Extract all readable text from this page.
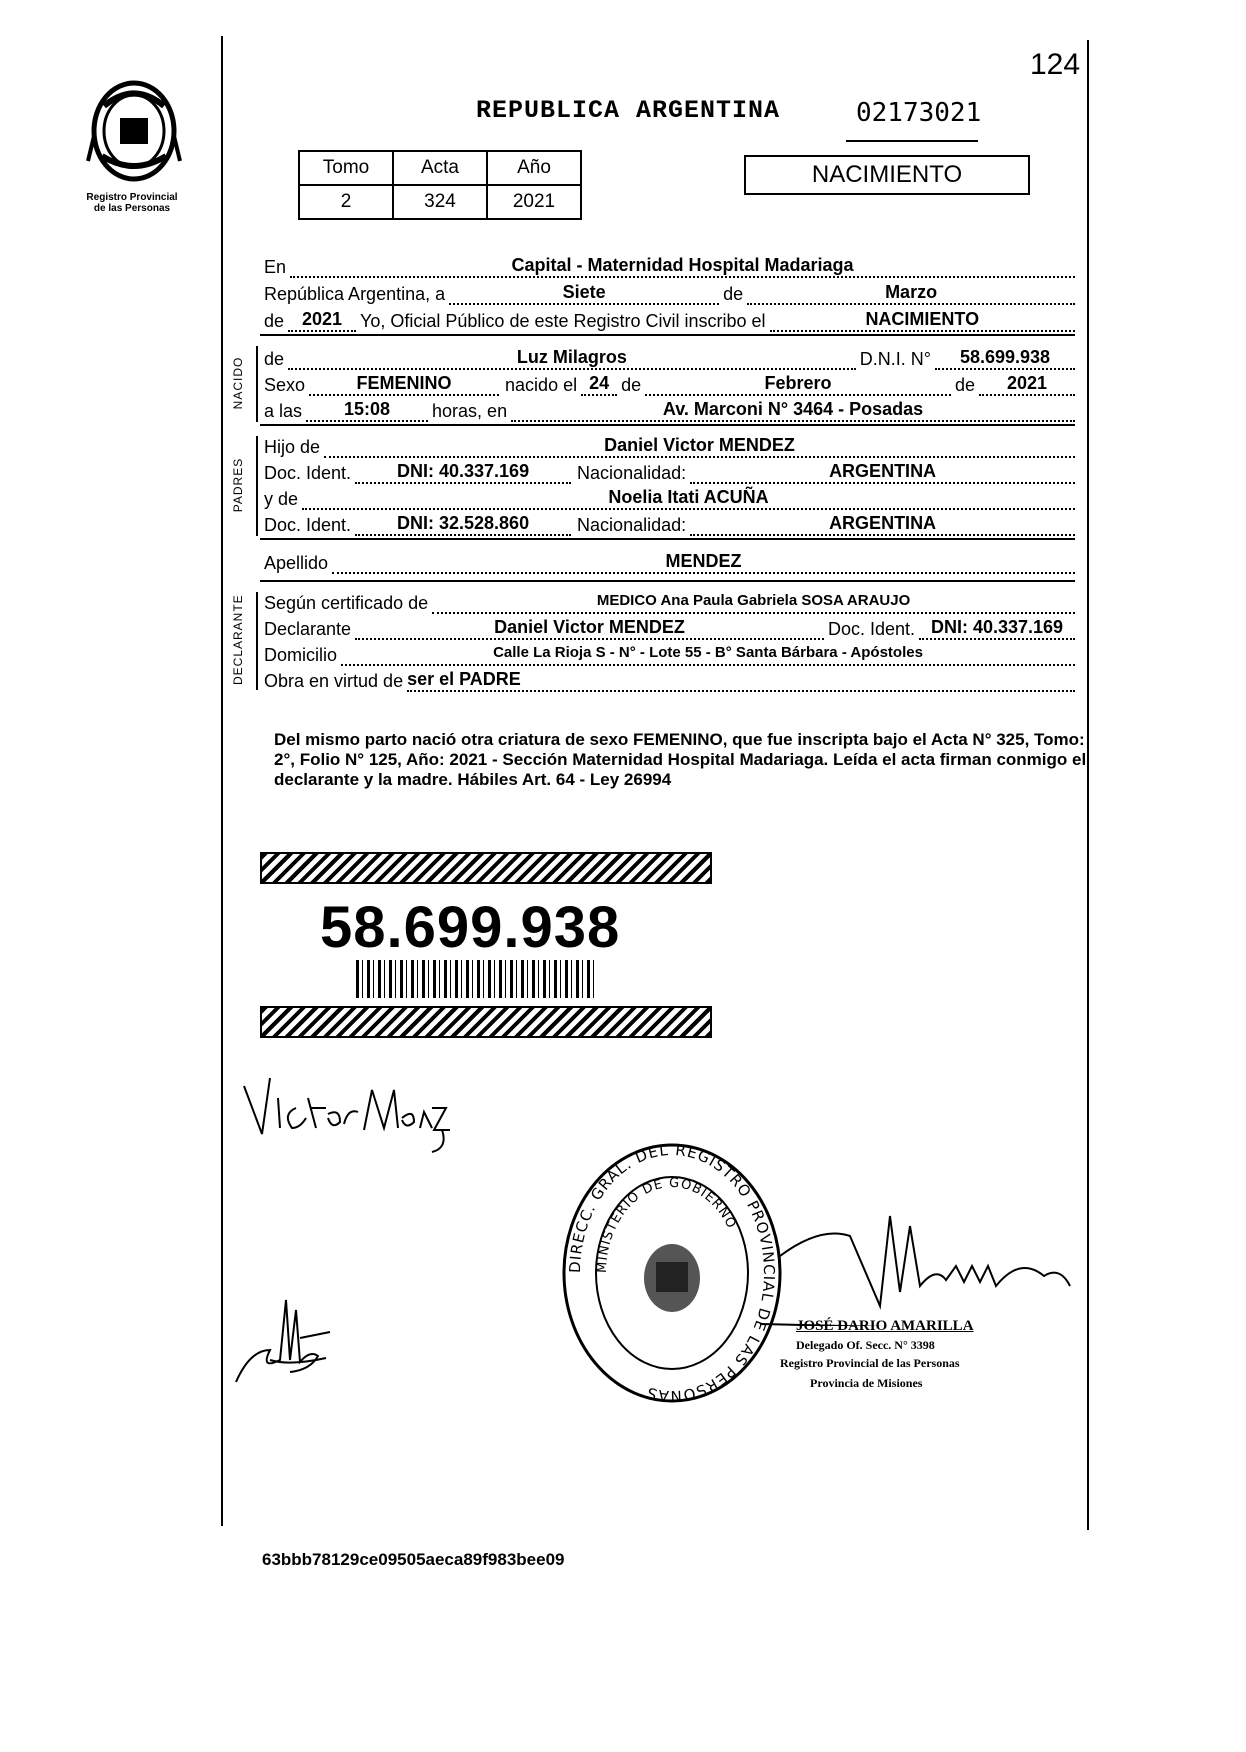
Registro Provincial
de las Personas
REPUBLICA ARGENTINA	02173021
124
Tomo	Acta	Año
2	324	2021
NACIMIENTO
En	Capital - Maternidad Hospital Madariaga
República Argentina, a	Siete	de	Marzo
de 2021 Yo, Oficial Público de este Registro Civil inscribo el	NACIMIENTO
de	Luz Milagros	D.N.I. N°	58.699.938
Sexo	FEMENINO	nacido el 24 de	Febrero	de	2021
a las	15:08	horas, en	Av. Marconi N° 3464 - Posadas
Hijo de	Daniel Victor MENDEZ
Doc. Ident.	DNI: 40.337.169	Nacionalidad:	ARGENTINA
y de	Noelia Itati ACUÑA
Doc. Ident.	DNI: 32.528.860	Nacionalidad:	ARGENTINA
Apellido	MENDEZ
Según certificado de	MEDICO Ana Paula Gabriela SOSA ARAUJO
Declarante	Daniel Victor MENDEZ	Doc. Ident. DNI: 40.337.169
Domicilio	Calle La Rioja S - N° - Lote 55 - B° Santa Bárbara - Apóstoles
Obra en virtud de ser el PADRE
NACIDO
PADRES
DECLARANTE
Del mismo parto nació otra criatura de sexo FEMENINO, que fue inscripta bajo el Acta N° 325, Tomo: 2°, Folio N° 125, Año: 2021 - Sección Maternidad Hospital Madariaga. Leída el acta firman conmigo el declarante y la madre. Hábiles Art. 64 - Ley 26994
58.699.938
DIRECC. GRAL. DEL REGISTRO PROVINCIAL DE LAS PERSONAS
MINISTERIO DE GOBIERNO
JOSÉ DARIO AMARILLA
Delegado Of. Secc. N° 3398
Registro Provincial de las Personas
Provincia de Misiones
63bbb78129ce09505aeca89f983bee09
